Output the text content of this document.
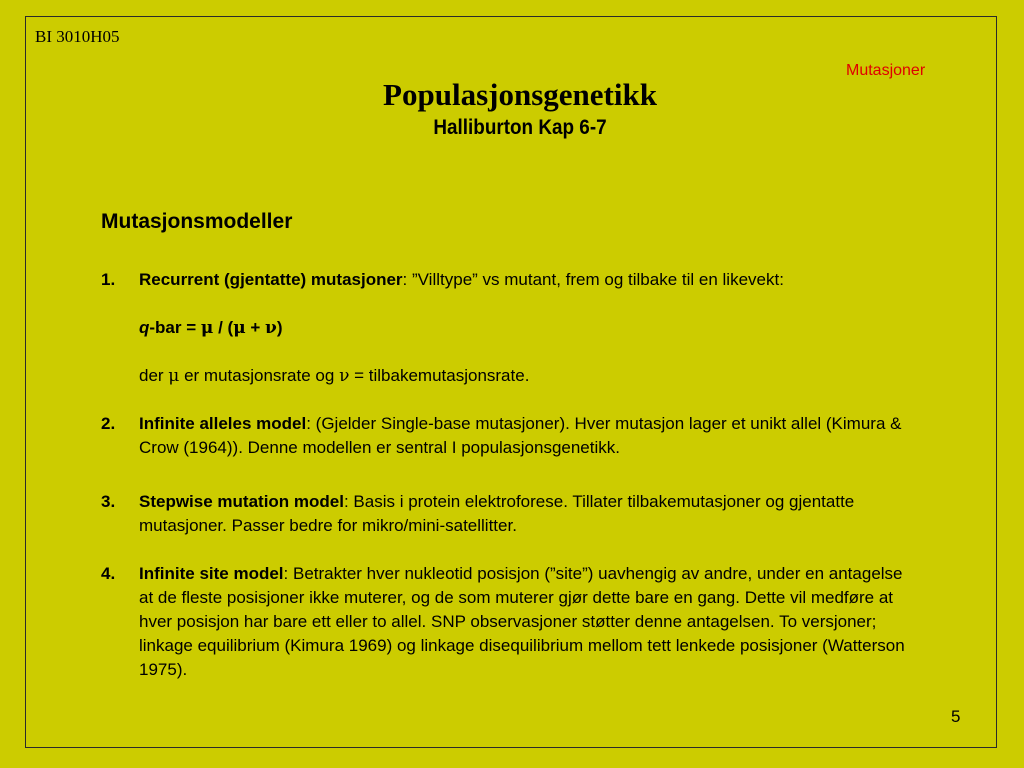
BI 3010H05
Mutasjoner
Populasjonsgenetikk
Halliburton Kap 6-7
Mutasjonsmodeller
1. Recurrent (gjentatte) mutasjoner: ”Villtype” vs mutant, frem og tilbake til en likevekt:
q-bar = μ / (μ + ν)
der μ er mutasjonsrate og ν = tilbakemutasjonsrate.
2. Infinite alleles model: (Gjelder Single-base mutasjoner). Hver mutasjon lager et unikt allel (Kimura & Crow (1964)). Denne modellen er sentral I populasjonsgenetikk.
3. Stepwise mutation model: Basis i protein elektroforese. Tillater tilbakemutasjoner og gjentatte mutasjoner. Passer bedre for mikro/mini-satellitter.
4. Infinite site model: Betrakter hver nukleotid posisjon (”site”) uavhengig av andre, under en antagelse at de fleste posisjoner ikke muterer, og de som muterer gjør dette bare en gang. Dette vil medføre at hver posisjon har bare ett eller to allel. SNP observasjoner støtter denne antagelsen. To versjoner; linkage equilibrium (Kimura 1969) og linkage disequilibrium mellom tett lenkede posisjoner (Watterson 1975).
5
